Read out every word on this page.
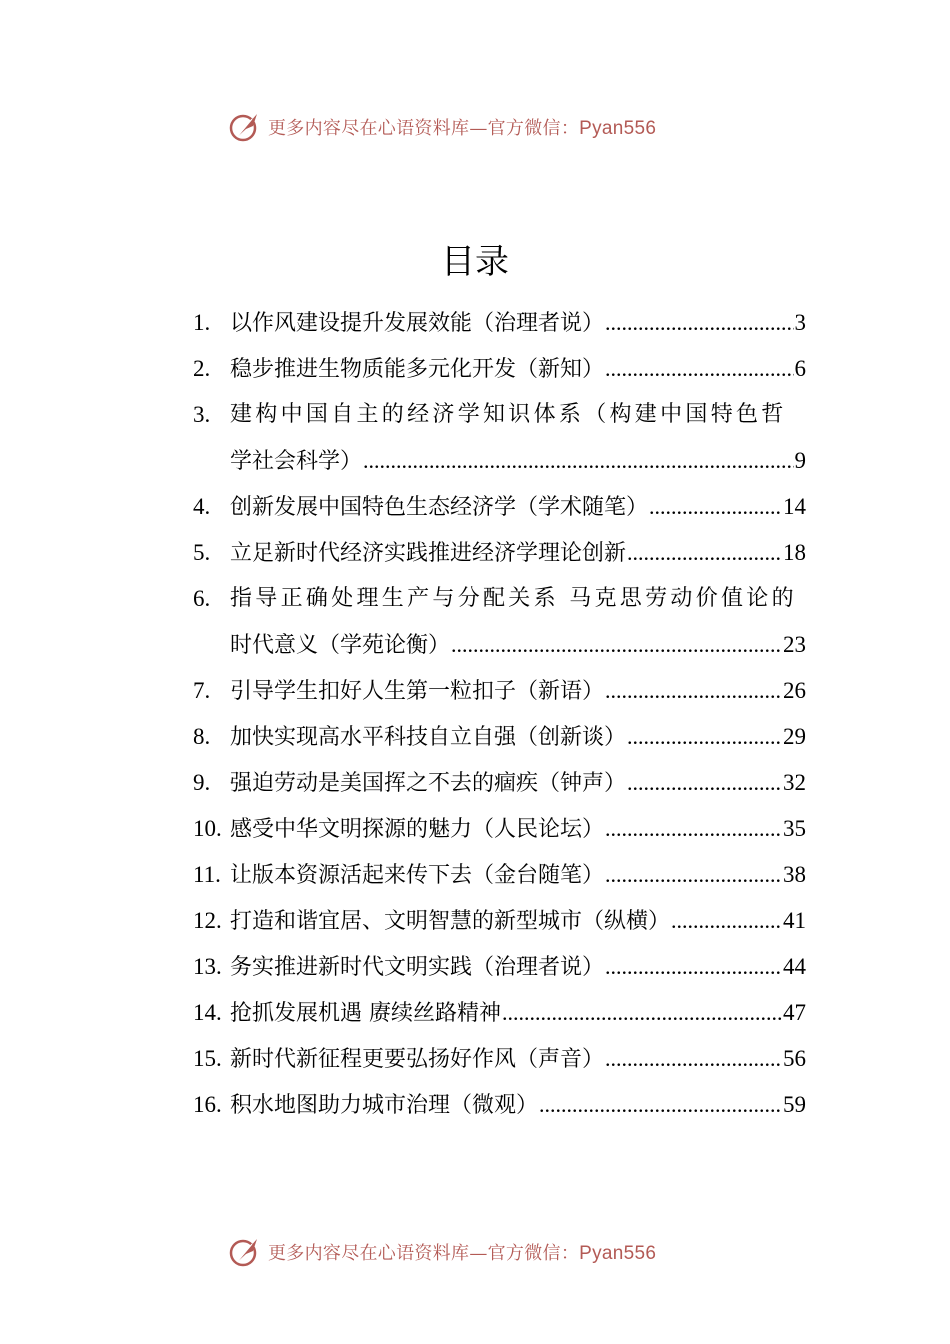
更多内容尽在心语资料库—官方微信：Pyan556
目录
1. 以作风建设提升发展效能（治理者说） .....	3
2. 稳步推进生物质能多元化开发（新知） .....	6
3. 建构中国自主的经济学知识体系（构建中国特色哲
学社会科学） .....	9
4. 创新发展中国特色生态经济学（学术随笔） .....	14
5. 立足新时代经济实践推进经济学理论创新 .....	18
6. 指导正确处理生产与分配关系 马克思劳动价值论的
时代意义（学苑论衡） .....	23
7. 引导学生扣好人生第一粒扣子（新语） .....	26
8. 加快实现高水平科技自立自强（创新谈） .....	29
9. 强迫劳动是美国挥之不去的痼疾（钟声） .....	32
10. 感受中华文明探源的魅力（人民论坛） .....	35
11. 让版本资源活起来传下去（金台随笔） .....	38
12. 打造和谐宜居、文明智慧的新型城市（纵横） .....	41
13. 务实推进新时代文明实践（治理者说） .....	44
14. 抢抓发展机遇 赓续丝路精神 .....	47
15. 新时代新征程更要弘扬好作风（声音） .....	56
16. 积水地图助力城市治理（微观） .....	59
更多内容尽在心语资料库—官方微信：Pyan556
